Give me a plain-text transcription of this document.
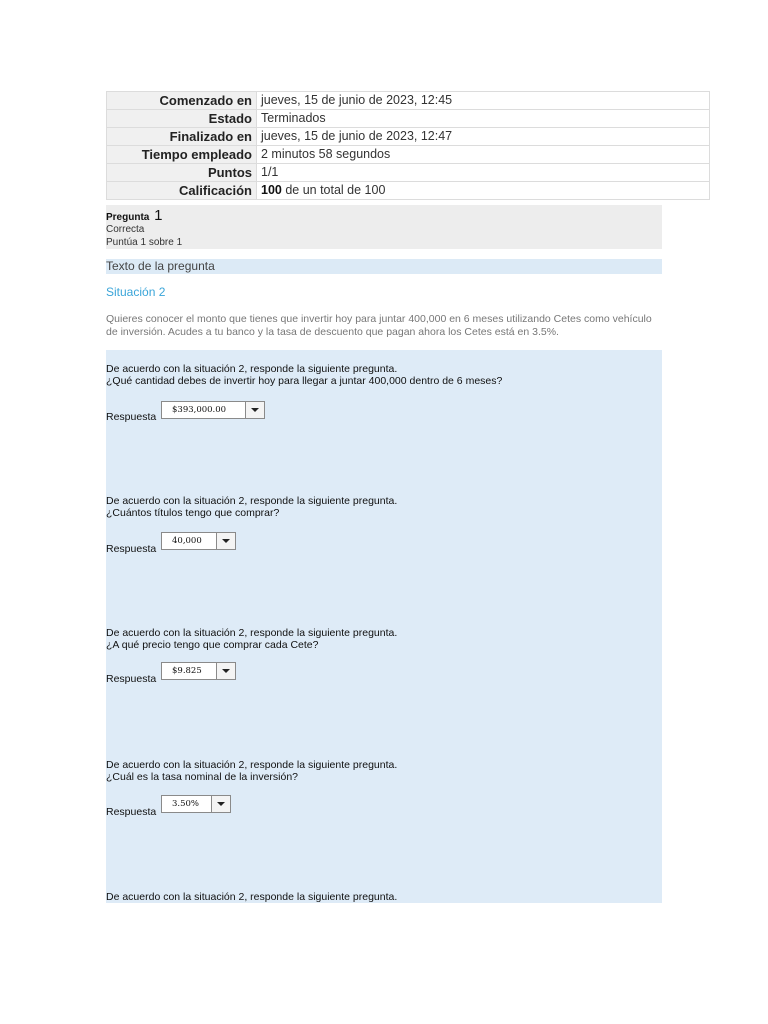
Comenzado en	jueves, 15 de junio de 2023, 12:45
Estado	Terminados
Finalizado en	jueves, 15 de junio de 2023, 12:47
Tiempo empleado	2 minutos 58 segundos
Puntos	1/1
Calificación	100 de un total de 100
Pregunta 1
Correcta
Puntúa 1 sobre 1
Texto de la pregunta
Situación 2
Quieres conocer el monto que tienes que invertir hoy para juntar 400,000 en 6 meses utilizando Cetes como vehículo de inversión. Acudes a tu banco y la tasa de descuento que pagan ahora los Cetes está en 3.5%.
De acuerdo con la situación 2, responde la siguiente pregunta.
¿Qué cantidad debes de invertir hoy para llegar a juntar 400,000 dentro de 6 meses?
Respuesta
$393,000.00
De acuerdo con la situación 2, responde la siguiente pregunta.
¿Cuántos títulos tengo que comprar?
Respuesta
40,000
De acuerdo con la situación 2, responde la siguiente pregunta.
¿A qué precio tengo que comprar cada Cete?
Respuesta
$9.825
De acuerdo con la situación 2, responde la siguiente pregunta.
¿Cuál es la tasa nominal de la inversión?
Respuesta
3.50%
De acuerdo con la situación 2, responde la siguiente pregunta.
